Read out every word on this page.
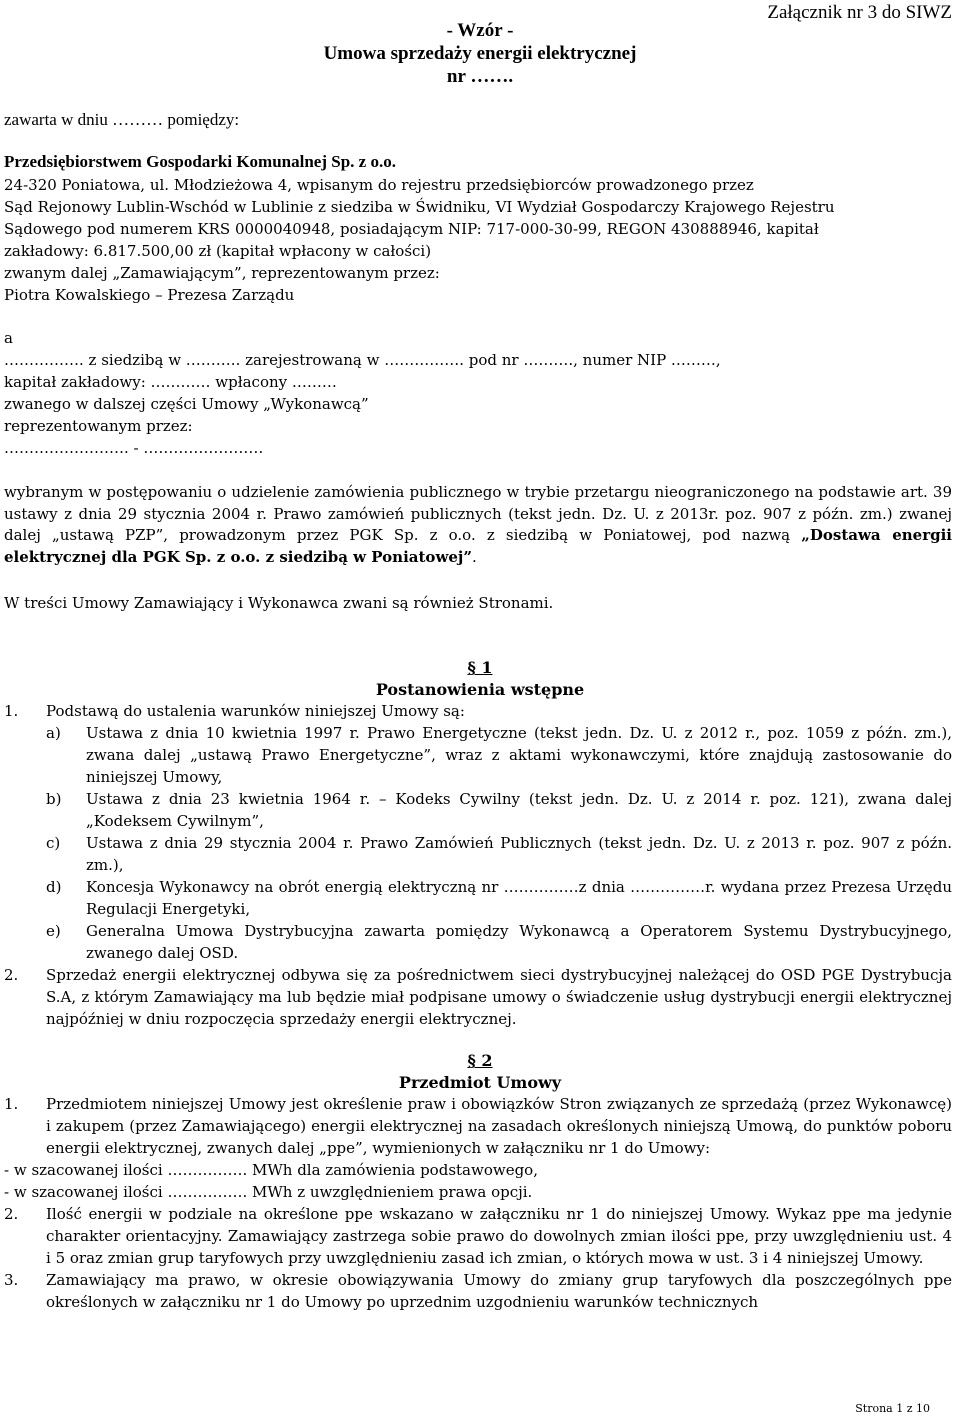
Załącznik nr 3 do SIWZ
- Wzór -
Umowa sprzedaży energii elektrycznej
nr …….
zawarta w dniu ……… pomiędzy:
Przedsiębiorstwem Gospodarki Komunalnej Sp. z o.o.
24-320 Poniatowa, ul. Młodzieżowa 4, wpisanym do rejestru przedsiębiorców prowadzonego przez
Sąd Rejonowy Lublin-Wschód w Lublinie z siedziba w Świdniku, VI Wydział Gospodarczy Krajowego Rejestru
Sądowego pod numerem KRS 0000040948, posiadającym NIP: 717-000-30-99, REGON 430888946, kapitał
zakładowy: 6.817.500,00 zł (kapitał wpłacony w całości)
zwanym dalej „Zamawiającym”, reprezentowanym przez:
Piotra Kowalskiego – Prezesa Zarządu
a
……………. z siedzibą w ……….. zarejestrowaną w ……………. pod nr ………., numer NIP ………,
kapitał zakładowy: ………… wpłacony ………
zwanego w dalszej części Umowy „Wykonawcą”
reprezentowanym przez:
……………………. - ……………………
wybranym w postępowaniu o udzielenie zamówienia publicznego w trybie przetargu nieograniczonego na podstawie art. 39 ustawy z dnia 29 stycznia 2004 r. Prawo zamówień publicznych (tekst jedn. Dz. U. z 2013r. poz. 907 z późn. zm.) zwanej dalej „ustawą PZP”, prowadzonym przez PGK Sp. z o.o. z siedzibą w Poniatowej, pod nazwą „Dostawa energii elektrycznej dla PGK Sp. z o.o. z siedzibą w Poniatowej”.
W treści Umowy Zamawiający i Wykonawca zwani są również Stronami.
§ 1
Postanowienia wstępne
1. Podstawą do ustalenia warunków niniejszej Umowy są:
a) Ustawa z dnia 10 kwietnia 1997 r. Prawo Energetyczne (tekst jedn. Dz. U. z 2012 r., poz. 1059 z późn. zm.), zwana dalej „ustawą Prawo Energetyczne”, wraz z aktami wykonawczymi, które znajdują zastosowanie do niniejszej Umowy,
b) Ustawa z dnia 23 kwietnia 1964 r. – Kodeks Cywilny (tekst jedn. Dz. U. z 2014 r. poz. 121), zwana dalej „Kodeksem Cywilnym”,
c) Ustawa z dnia 29 stycznia 2004 r. Prawo Zamówień Publicznych (tekst jedn. Dz. U. z 2013 r. poz. 907 z późn. zm.),
d) Koncesja Wykonawcy na obrót energią elektryczną nr ……………z dnia ……………r. wydana przez Prezesa Urzędu Regulacji Energetyki,
e) Generalna Umowa Dystrybucyjna zawarta pomiędzy Wykonawcą a Operatorem Systemu Dystrybucyjnego, zwanego dalej OSD.
2. Sprzedaż energii elektrycznej odbywa się za pośrednictwem sieci dystrybucyjnej należącej do OSD PGE Dystrybucja S.A, z którym Zamawiający ma lub będzie miał podpisane umowy o świadczenie usług dystrybucji energii elektrycznej najpóźniej w dniu rozpoczęcia sprzedaży energii elektrycznej.
§ 2
Przedmiot Umowy
1. Przedmiotem niniejszej Umowy jest określenie praw i obowiązków Stron związanych ze sprzedażą (przez Wykonawcę) i zakupem (przez Zamawiającego) energii elektrycznej na zasadach określonych niniejszą Umową, do punktów poboru energii elektrycznej, zwanych dalej „ppe”, wymienionych w załączniku nr 1 do Umowy:
- w szacowanej ilości ……………. MWh dla zamówienia podstawowego,
- w szacowanej ilości ……………. MWh z uwzględnieniem prawa opcji.
2. Ilość energii w podziale na określone ppe wskazano w załączniku nr 1 do niniejszej Umowy. Wykaz ppe ma jedynie charakter orientacyjny. Zamawiający zastrzega sobie prawo do dowolnych zmian ilości ppe, przy uwzględnieniu ust. 4 i 5 oraz zmian grup taryfowych przy uwzględnieniu zasad ich zmian, o których mowa w ust. 3 i 4 niniejszej Umowy.
3. Zamawiający ma prawo, w okresie obowiązywania Umowy do zmiany grup taryfowych dla poszczególnych ppe określonych w załączniku nr 1 do Umowy po uprzednim uzgodnieniu warunków technicznych
Strona 1 z 10
